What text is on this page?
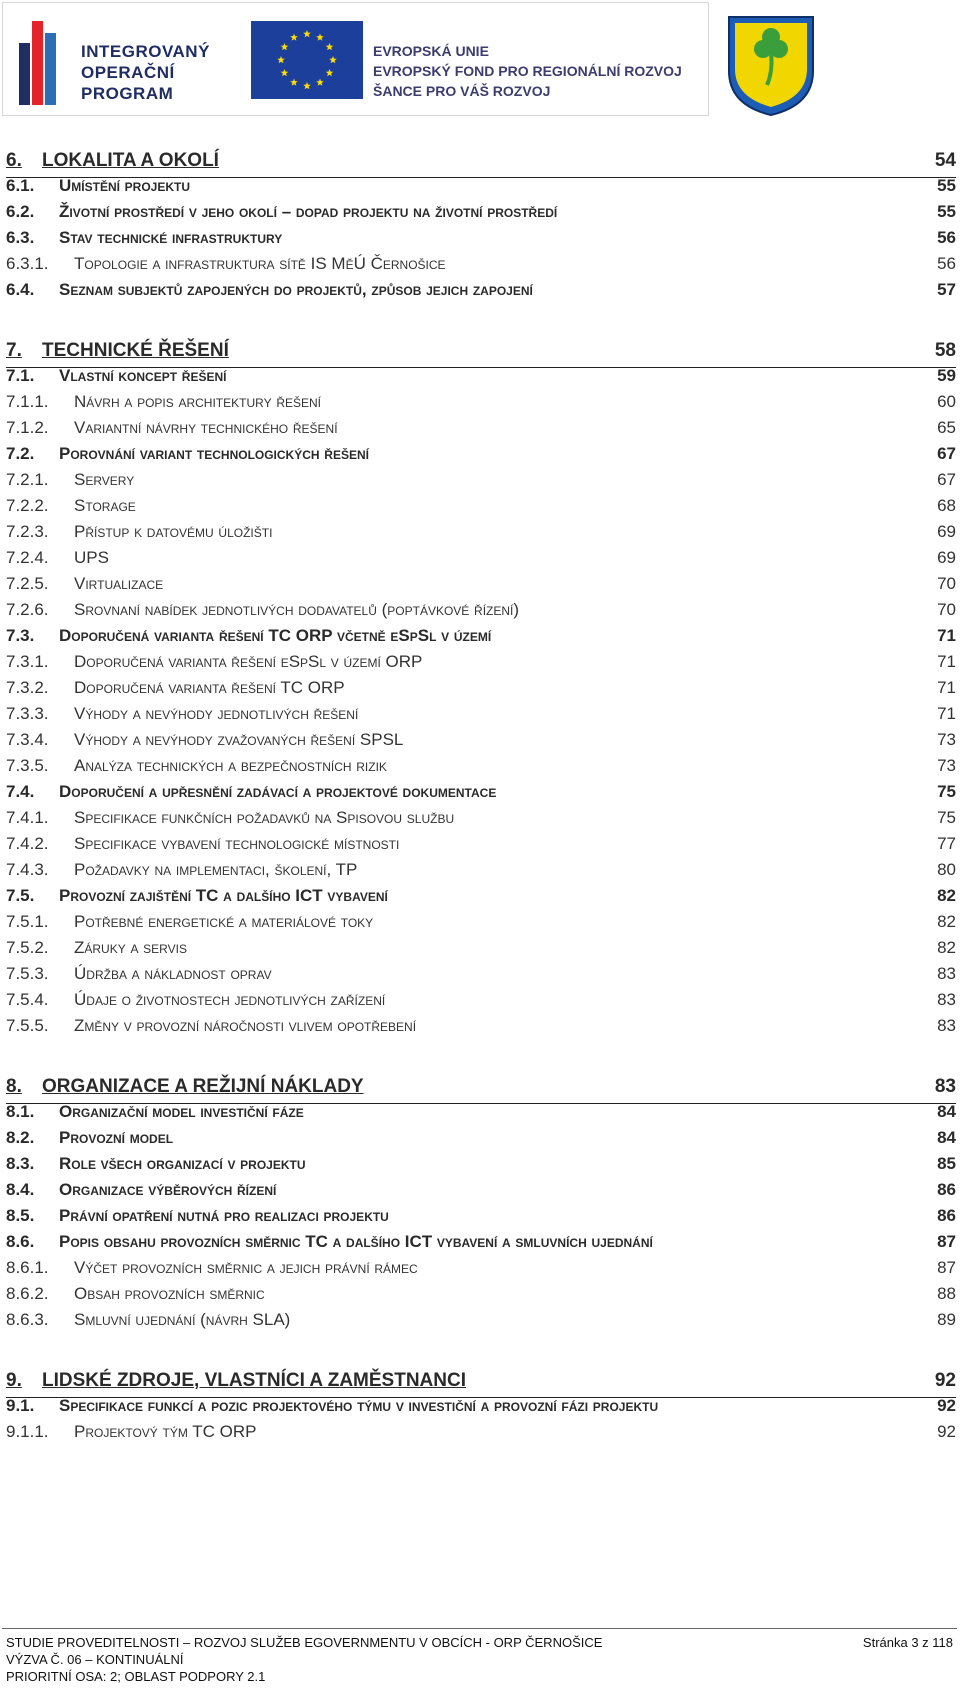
INTEGROVANÝ
OPERAČNÍ
PROGRAM
EVROPSKÁ UNIE
EVROPSKÝ FOND PRO REGIONÁLNÍ ROZVOJ
ŠANCE PRO VÁŠ ROZVOJ
6. LOKALITA A OKOLÍ	54
6.1. Umístění projektu	55
6.2. Životní prostředí v jeho okolí – dopad projektu na životní prostředí	55
6.3. Stav technické infrastruktury	56
6.3.1. Topologie a infrastruktura sítě IS MěÚ Černošice	56
6.4. Seznam subjektů zapojených do projektů, způsob jejich zapojení	57
7. TECHNICKÉ ŘEŠENÍ	58
7.1. Vlastní koncept řešení	59
7.1.1. Návrh a popis architektury řešení	60
7.1.2. Variantní návrhy technického řešení	65
7.2. Porovnání variant technologických řešení	67
7.2.1. Servery	67
7.2.2. Storage	68
7.2.3. Přístup k datovému úložišti	69
7.2.4. UPS	69
7.2.5. Virtualizace	70
7.2.6. Srovnaní nabídek jednotlivých dodavatelů (poptávkové řízení)	70
7.3. Doporučená varianta řešení TC ORP včetně eSpSl v území	71
7.3.1. Doporučená varianta řešení eSpSl v území ORP	71
7.3.2. Doporučená varianta řešení TC ORP	71
7.3.3. Výhody a nevýhody jednotlivých řešení	71
7.3.4. Výhody a nevýhody zvažovaných řešení SPSL	73
7.3.5. Analýza technických a bezpečnostních rizik	73
7.4. Doporučení a upřesnění zadávací a projektové dokumentace	75
7.4.1. Specifikace funkčních požadavků na Spisovou službu	75
7.4.2. Specifikace vybavení technologické místnosti	77
7.4.3. Požadavky na implementaci, školení, TP	80
7.5. Provozní zajištění TC a dalšího ICT vybavení	82
7.5.1. Potřebné energetické a materiálové toky	82
7.5.2. Záruky a servis	82
7.5.3. Údržba a nákladnost oprav	83
7.5.4. Údaje o životnostech jednotlivých zařízení	83
7.5.5. Změny v provozní náročnosti vlivem opotřebení	83
8. ORGANIZACE A REŽIJNÍ NÁKLADY	83
8.1. Organizační model investiční fáze	84
8.2. Provozní model	84
8.3. Role všech organizací v projektu	85
8.4. Organizace výběrových řízení	86
8.5. Právní opatření nutná pro realizaci projektu	86
8.6. Popis obsahu provozních směrnic TC a dalšího ICT vybavení a smluvních ujednání	87
8.6.1. Výčet provozních směrnic a jejich právní rámec	87
8.6.2. Obsah provozních směrnic	88
8.6.3. Smluvní ujednání (návrh SLA)	89
9. LIDSKÉ ZDROJE, VLASTNÍCI A ZAMĚSTNANCI	92
9.1. Specifikace funkcí a pozic projektového týmu v investiční a provozní fázi projektu	92
9.1.1. Projektový tým TC ORP	92
STUDIE PROVEDITELNOSTI – ROZVOJ SLUŽEB EGOVERNMENTU V OBCÍCH - ORP ČERNOŠICE
VÝZVA Č. 06 – KONTINUÁLNÍ
PRIORITNÍ OSA: 2; OBLAST PODPORY 2.1
Stránka 3 z 118
